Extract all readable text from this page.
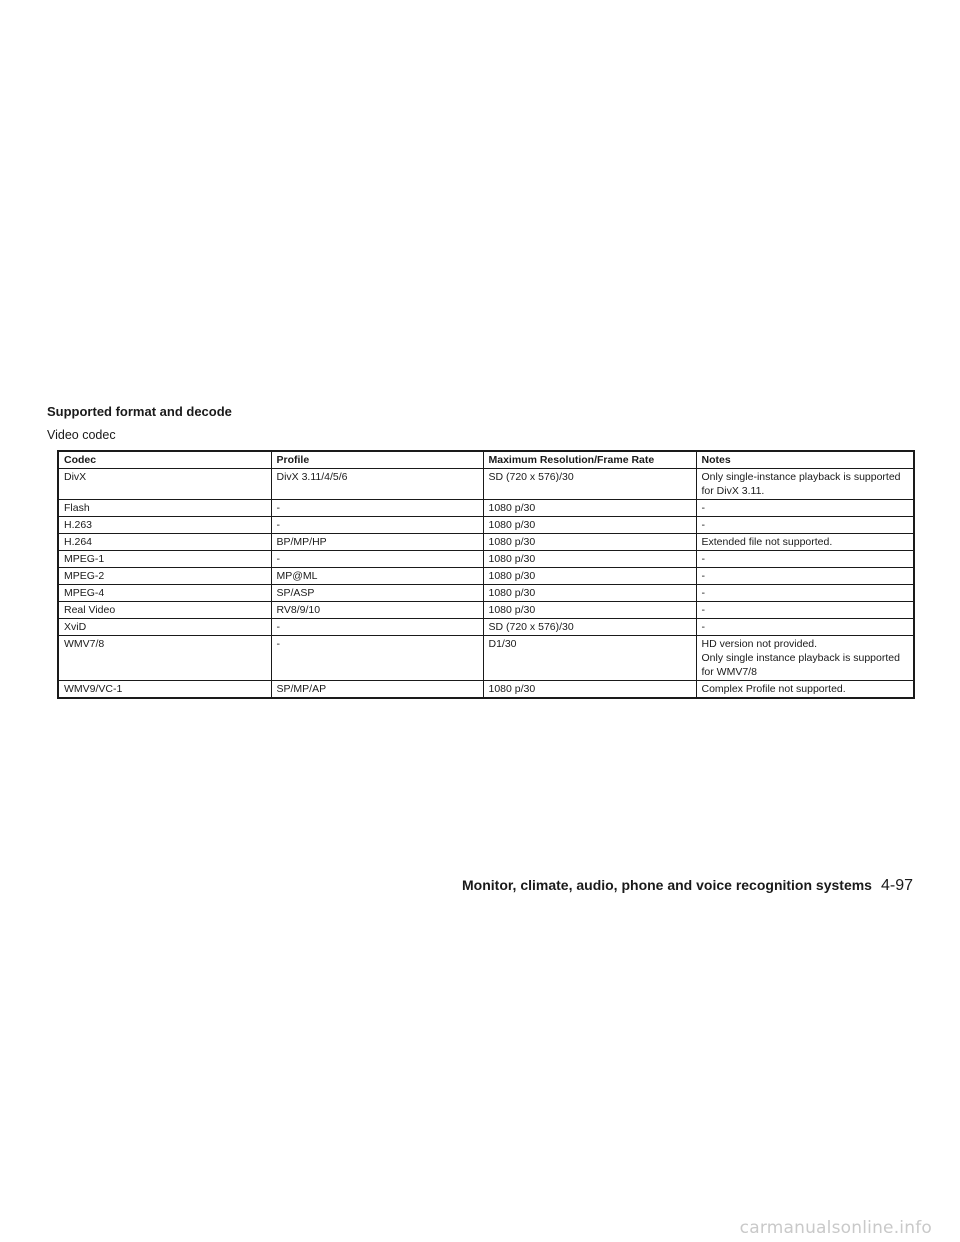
Supported format and decode
Video codec
Codec	Profile	Maximum Resolution/Frame Rate	Notes
DivX	DivX 3.11/4/5/6	SD (720 x 576)/30	Only single-instance playback is supported
for DivX 3.11.
Flash	-	1080 p/30	-
H.263	-	1080 p/30	-
H.264	BP/MP/HP	1080 p/30	Extended file not supported.
MPEG-1	-	1080 p/30	-
MPEG-2	MP@ML	1080 p/30	-
MPEG-4	SP/ASP	1080 p/30	-
Real Video	RV8/9/10	1080 p/30	-
XviD	-	SD (720 x 576)/30	-
WMV7/8	-	D1/30	HD version not provided.
Only single instance playback is supported
for WMV7/8
WMV9/VC-1	SP/MP/AP	1080 p/30	Complex Profile not supported.
Monitor, climate, audio, phone and voice recognition systems 4-97
carmanualsonline.info
